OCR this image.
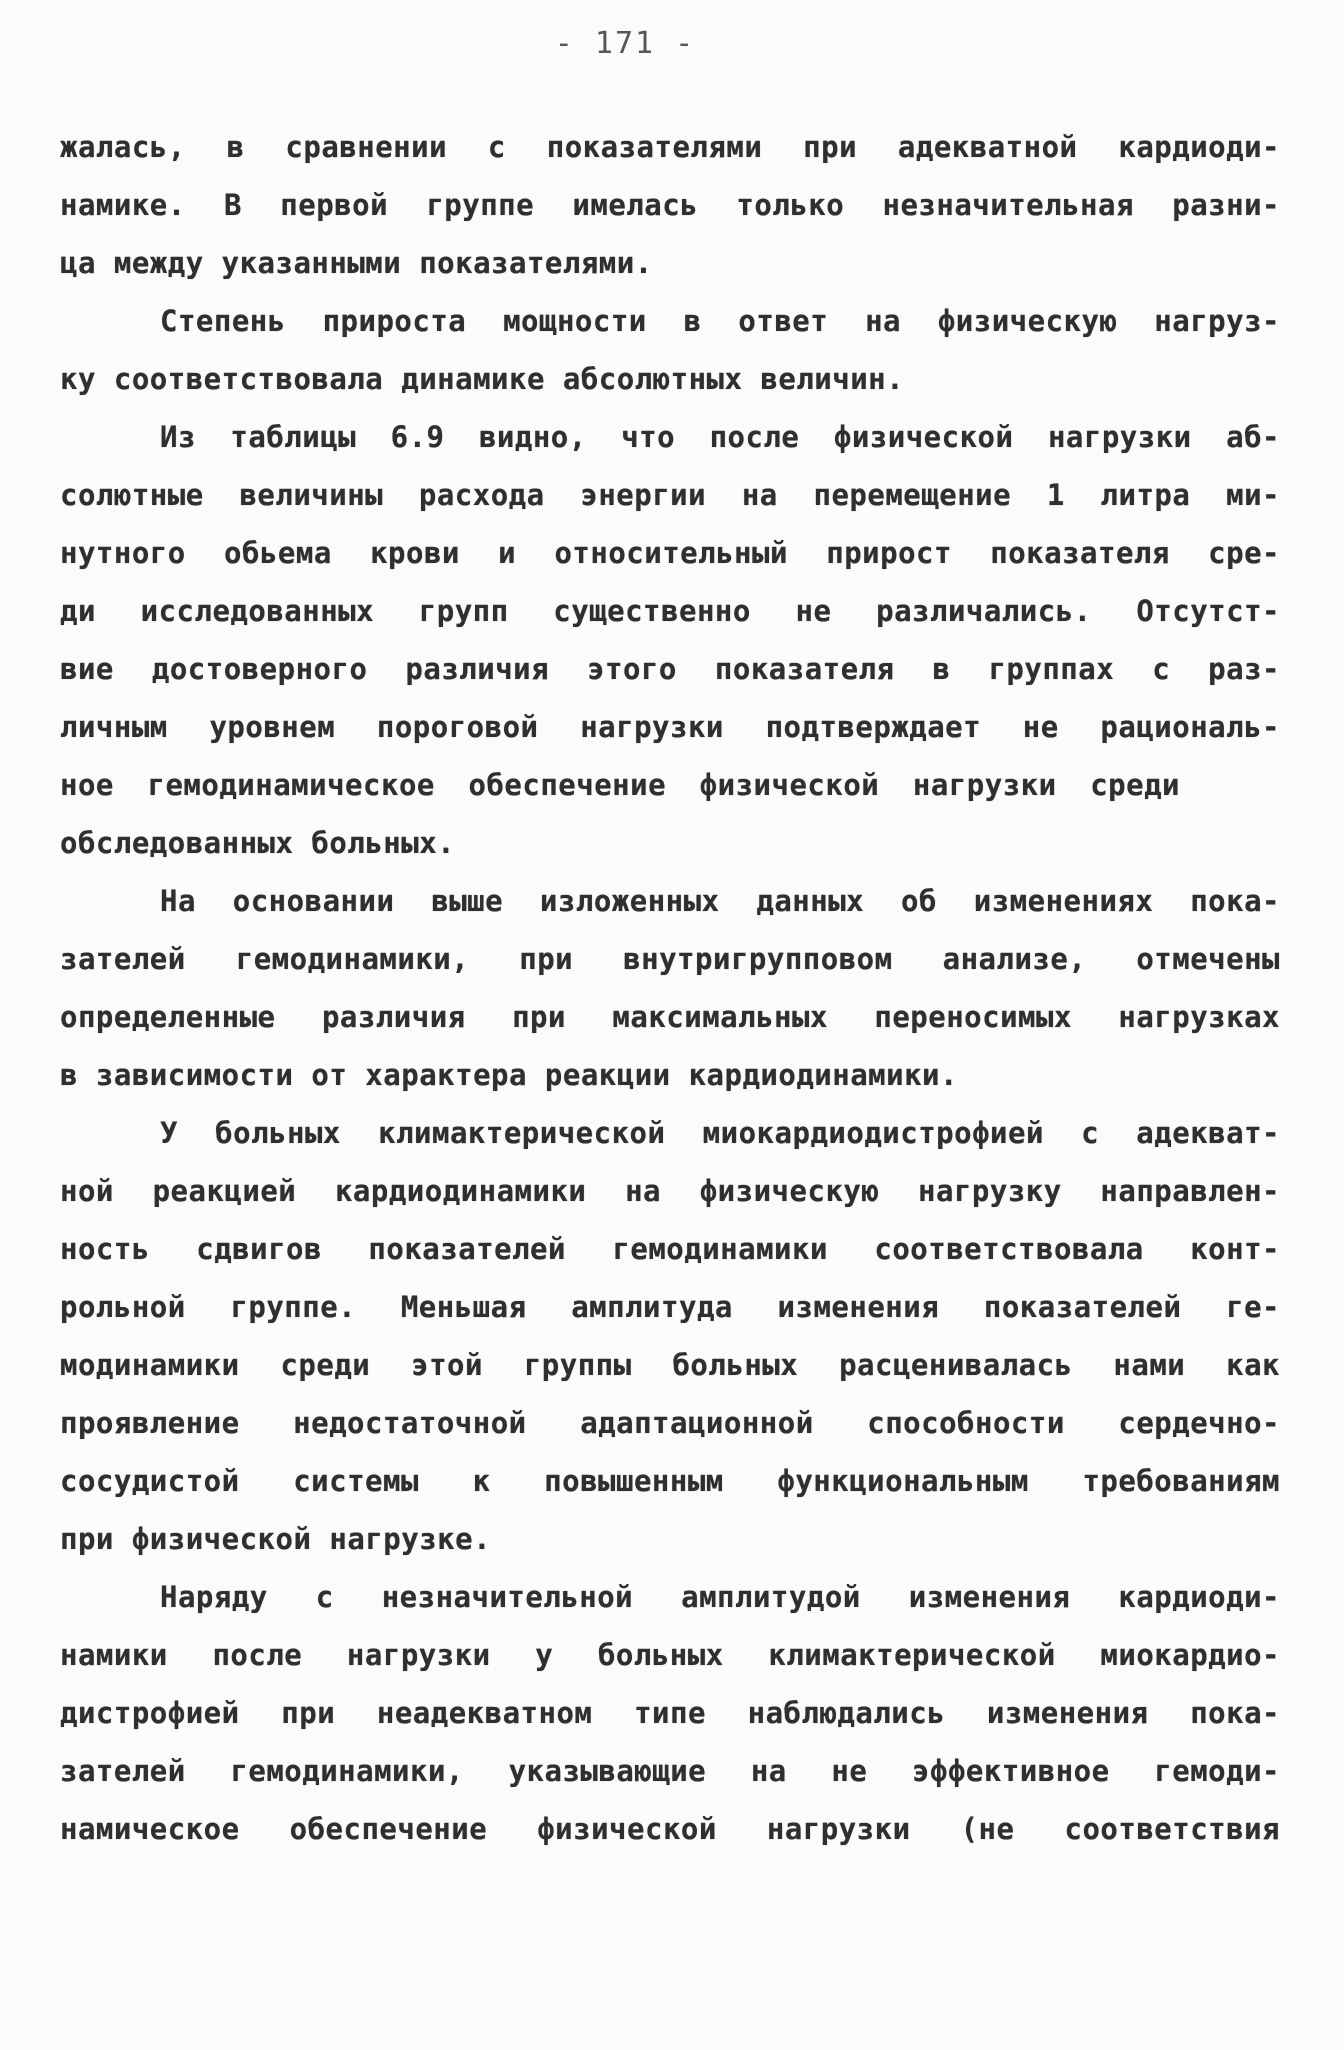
- 171 -
жалась, в сравнении с показателями при адекватной кардиоди-
намике. В первой группе имелась только незначительная разни-
ца между указанными показателями.
Степень прироста мощности в ответ на физическую нагруз-
ку соответствовала динамике абсолютных величин.
Из таблицы 6.9 видно, что после физической нагрузки аб-
солютные величины расхода энергии на перемещение 1 литра ми-
нутного обьема крови и относительный прирост показателя сре-
ди исследованных групп существенно не различались. Отсутст-
вие достоверного различия этого показателя в группах с раз-
личным уровнем пороговой нагрузки подтверждает не рациональ-
ное гемодинамическое обеспечение физической нагрузки среди
обследованных больных.
На основании выше изложенных данных об изменениях пока-
зателей гемодинамики, при внутригрупповом анализе, отмечены
определенные различия при максимальных переносимых нагрузках
в зависимости от характера реакции кардиодинамики.
У больных климактерической миокардиодистрофией с адекват-
ной реакцией кардиодинамики на физическую нагрузку направлен-
ность сдвигов показателей гемодинамики соответствовала конт-
рольной группе. Меньшая амплитуда изменения показателей ге-
модинамики среди этой группы больных расценивалась нами как
проявление недостаточной адаптационной способности сердечно-
сосудистой системы к повышенным функциональным требованиям
при физической нагрузке.
Наряду с незначительной амплитудой изменения кардиоди-
намики после нагрузки у больных климактерической миокардио-
дистрофией при неадекватном типе наблюдались изменения пока-
зателей гемодинамики, указывающие на не эффективное гемоди-
намическое обеспечение физической нагрузки (не соответствия
